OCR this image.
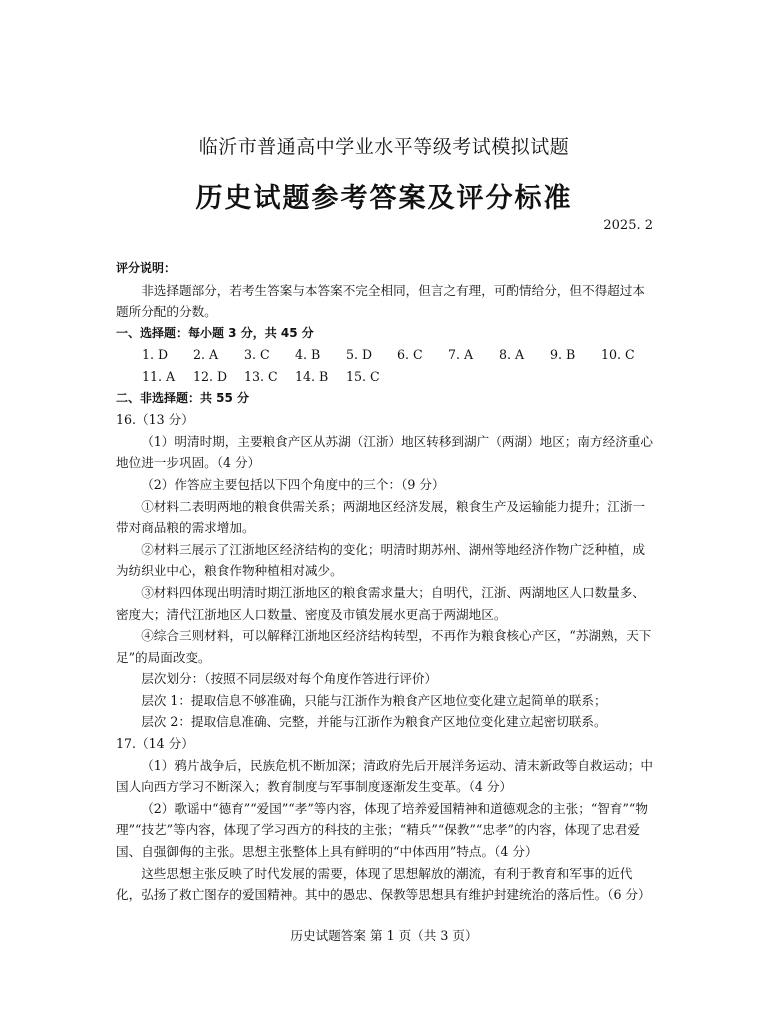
临沂市普通高中学业水平等级考试模拟试题
历史试题参考答案及评分标准
2025. 2

评分说明：

非选择题部分，若考生答案与本答案不完全相同，但言之有理，可酌情给分，但不得超过本题所分配的分数。

一、选择题：每小题 3 分，共 45 分

1. D	2. A	3. C	4. B	5. D	6. C	7. A	8. A	9. B	10. C
11. A	12. D	13. C	14. B	15. C

二、非选择题：共 55 分

16.（13 分）

（1）明清时期，主要粮食产区从苏湖（江浙）地区转移到湖广（两湖）地区；南方经济重心地位进一步巩固。（4 分）

（2）作答应主要包括以下四个角度中的三个：（9 分）

①材料二表明两地的粮食供需关系；两湖地区经济发展，粮食生产及运输能力提升；江浙一带对商品粮的需求增加。

②材料三展示了江浙地区经济结构的变化；明清时期苏州、湖州等地经济作物广泛种植，成为纺织业中心，粮食作物种植相对减少。

③材料四体现出明清时期江浙地区的粮食需求量大；自明代，江浙、两湖地区人口数量多、密度大；清代江浙地区人口数量、密度及市镇发展水更高于两湖地区。

④综合三则材料，可以解释江浙地区经济结构转型，不再作为粮食核心产区，“苏湖熟，天下足”的局面改变。

层次划分：（按照不同层级对每个角度作答进行评价）

层次 1：提取信息不够准确，只能与江浙作为粮食产区地位变化建立起简单的联系；

层次 2：提取信息准确、完整，并能与江浙作为粮食产区地位变化建立起密切联系。

17.（14 分）

（1）鸦片战争后，民族危机不断加深；清政府先后开展洋务运动、清末新政等自救运动；中国人向西方学习不断深入；教育制度与军事制度逐渐发生变革。（4 分）

（2）歌谣中“德育”“爱国”“孝”等内容，体现了培养爱国精神和道德观念的主张；“智育”“物理”“技艺”等内容，体现了学习西方的科技的主张；“精兵”“保教”“忠孝”的内容，体现了忠君爱国、自强御侮的主张。思想主张整体上具有鲜明的“中体西用”特点。（4 分）

这些思想主张反映了时代发展的需要，体现了思想解放的潮流，有利于教育和军事的近代化，弘扬了救亡图存的爱国精神。其中的愚忠、保教等思想具有维护封建统治的落后性。（6 分）

历史试题答案 第 1 页（共 3 页）
